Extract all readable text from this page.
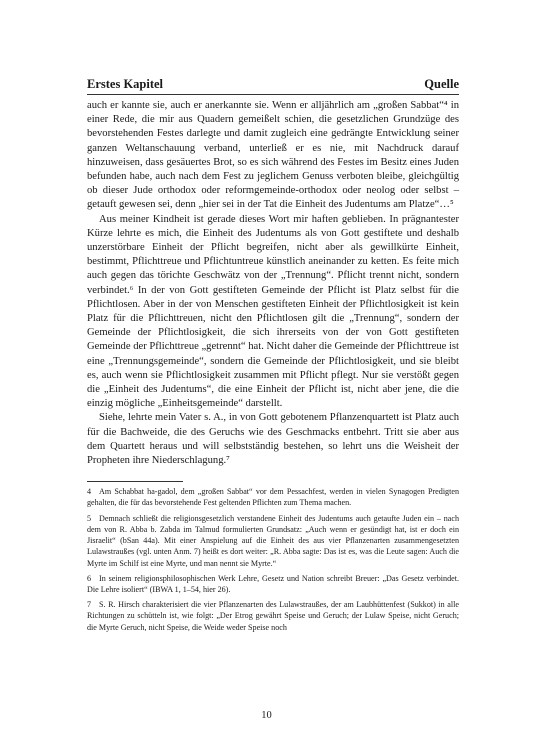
Erstes Kapitel	Quelle

auch er kannte sie, auch er anerkannte sie. Wenn er alljährlich am „großen Sabbat“⁴ in einer Rede, die mir aus Quadern gemeißelt schien, die gesetzlichen Grundzüge des bevorstehenden Festes darlegte und damit zugleich eine gedrängte Entwicklung seiner ganzen Weltanschauung verband, unterließ er es nie, mit Nachdruck darauf hinzuweisen, dass gesäuertes Brot, so es sich während des Festes im Besitz eines Juden befunden habe, auch nach dem Fest zu jeglichem Genuss verboten bleibe, gleichgültig ob dieser Jude orthodox oder reformgemeinde-orthodox oder neolog oder selbst – getauft gewesen sei, denn „hier sei in der Tat die Einheit des Judentums am Platze“…⁵

Aus meiner Kindheit ist gerade dieses Wort mir haften geblieben. In prägnantester Kürze lehrte es mich, die Einheit des Judentums als von Gott gestiftete und deshalb unzerstörbare Einheit der Pflicht begreifen, nicht aber als gewillkürte Einheit, bestimmt, Pflichttreue und Pflichtuntreue künstlich aneinander zu ketten. Es feite mich auch gegen das törichte Geschwätz von der „Trennung“. Pflicht trennt nicht, sondern verbindet.⁶ In der von Gott gestifteten Gemeinde der Pflicht ist Platz selbst für die Pflichtlosen. Aber in der von Menschen gestifteten Einheit der Pflichtlosigkeit ist kein Platz für die Pflichttreuen, nicht den Pflichtlosen gilt die „Trennung“, sondern der Gemeinde der Pflichtlosigkeit, die sich ihrerseits von der von Gott gestifteten Gemeinde der Pflichttreue „getrennt“ hat. Nicht daher die Gemeinde der Pflichttreue ist eine „Trennungsgemeinde“, sondern die Gemeinde der Pflichtlosigkeit, und sie bleibt es, auch wenn sie Pflichtlosigkeit zusammen mit Pflicht pflegt. Nur sie verstößt gegen die „Einheit des Judentums“, die eine Einheit der Pflicht ist, nicht aber jene, die die einzig mögliche „Einheitsgemeinde“ darstellt.

Siehe, lehrte mein Vater s. A., in von Gott gebotenem Pflanzenquartett ist Platz auch für die Bachweide, die des Geruchs wie des Geschmacks entbehrt. Tritt sie aber aus dem Quartett heraus und will selbstständig bestehen, so lehrt uns die Weisheit der Propheten ihre Niederschlagung.⁷

4 Am Schabbat ha-gadol, dem „großen Sabbat“ vor dem Pessachfest, werden in vielen Synagogen Predigten gehalten, die für das bevorstehende Fest geltenden Pflichten zum Thema machen.

5 Demnach schließt die religionsgesetzlich verstandene Einheit des Judentums auch getaufte Juden ein – nach dem von R. Abba b. Zabda im Talmud formulierten Grundsatz: „Auch wenn er gesündigt hat, ist er doch ein Jisraelit“ (bSan 44a). Mit einer Anspielung auf die Einheit des aus vier Pflanzenarten zusammengesetzten Lulawstraußes (vgl. unten Anm. 7) heißt es dort weiter: „R. Abba sagte: Das ist es, was die Leute sagen: Auch die Myrte im Schilf ist eine Myrte, und man nennt sie Myrte.“

6 In seinem religionsphilosophischen Werk Lehre, Gesetz und Nation schreibt Breuer: „Das Gesetz verbindet. Die Lehre isoliert“ (IBWA 1, 1–54, hier 26).

7 S. R. Hirsch charakterisiert die vier Pflanzenarten des Lulawstraußes, der am Laubhüttenfest (Sukkot) in alle Richtungen zu schütteln ist, wie folgt: „Der Etrog gewährt Speise und Geruch; der Lulaw Speise, nicht Geruch; die Myrte Geruch, nicht Speise, die Weide weder Speise noch

10
